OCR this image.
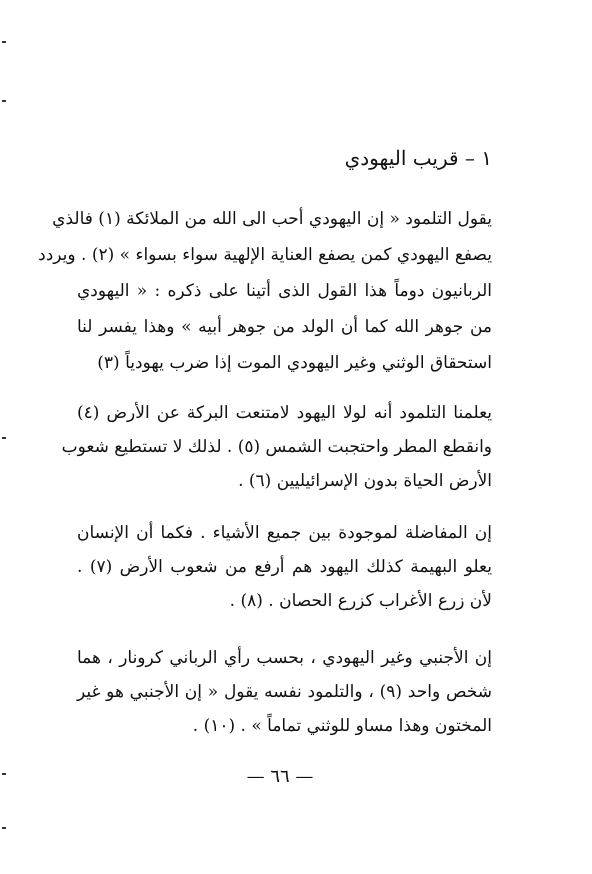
١ – قريب اليهودي
يقول التلمود « إن اليهودي أحب الى الله من الملائكة (١) فالذي
يصفع اليهودي كمن يصفع العناية الإلهية سواء بسواء » (٢) . ويردد
الربانيون دوماً هذا القول الذى أتينا على ذكره : « اليهودي
من جوهر الله كما أن الولد من جوهر أبيه » وهذا يفسر لنا
استحقاق الوثني وغير اليهودي الموت إذا ضرب يهودياً (٣)
يعلمنا التلمود أنه لولا اليهود لامتنعت البركة عن الأرض (٤)
وانقطع المطر واحتجبت الشمس (٥) . لذلك لا تستطيع شعوب
الأرض الحياة بدون الإسرائيليين (٦) .
إن المفاضلة لموجودة بين جميع الأشياء . فكما أن الإنسان
يعلو البهيمة كذلك اليهود هم أرفع من شعوب الأرض (٧) .
لأن زرع الأغراب كزرع الحصان . (٨) .
إن الأجنبي وغير اليهودي ، بحسب رأي الرباني كرونار ، هما
شخص واحد (٩) ، والتلمود نفسه يقول « إن الأجنبي هو غير
المختون وهذا مساو للوثني تماماً » . (١٠) .
— ٦٦ —
